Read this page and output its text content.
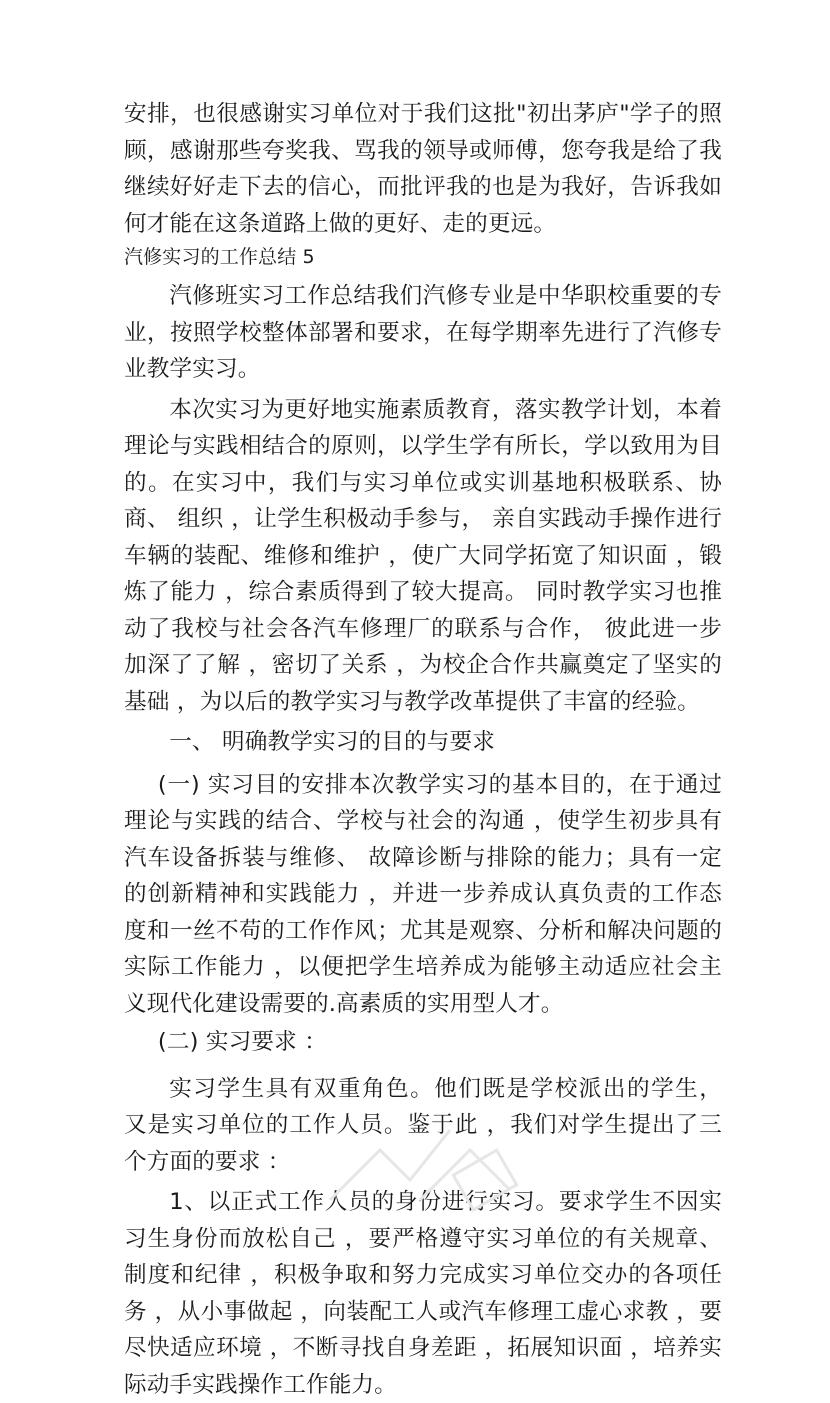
安排，也很感谢实习单位对于我们这批"初出茅庐"学子的照顾，感谢那些夸奖我、骂我的领导或师傅，您夸我是给了我继续好好走下去的信心，而批评我的也是为我好，告诉我如何才能在这条道路上做的更好、走的更远。

汽修实习的工作总结 5

汽修班实习工作总结我们汽修专业是中华职校重要的专业，按照学校整体部署和要求，在每学期率先进行了汽修专业教学实习。

本次实习为更好地实施素质教育，落实教学计划，本着理论与实践相结合的原则，以学生学有所长，学以致用为目的。在实习中，我们与实习单位或实训基地积极联系、协商、 组织 ，让学生积极动手参与， 亲自实践动手操作进行车辆的装配、维修和维护 ，使广大同学拓宽了知识面 ，锻炼了能力 ，综合素质得到了较大提高。 同时教学实习也推动了我校与社会各汽车修理厂的联系与合作， 彼此进一步加深了了解 ，密切了关系 ，为校企合作共赢奠定了坚实的基础 ，为以后的教学实习与教学改革提供了丰富的经验。

一、 明确教学实习的目的与要求

(一) 实习目的安排本次教学实习的基本目的，在于通过理论与实践的结合、学校与社会的沟通 ，使学生初步具有汽车设备拆装与维修、 故障诊断与排除的能力；具有一定的创新精神和实践能力 ，并进一步养成认真负责的工作态度和一丝不苟的工作作风；尤其是观察、分析和解决问题的实际工作能力 ，以便把学生培养成为能够主动适应社会主义现代化建设需要的.高素质的实用型人才。

(二) 实习要求 ：

实习学生具有双重角色。他们既是学校派出的学生， 又是实习单位的工作人员。鉴于此 ，我们对学生提出了三个方面的要求 ：

1、以正式工作人员的身份进行实习。要求学生不因实习生身份而放松自己 ，要严格遵守实习单位的有关规章、 制度和纪律 ，积极争取和努力完成实习单位交办的各项任务 ，从小事做起 ，向装配工人或汽车修理工虚心求教 ，要尽快适应环境 ，不断寻找自身差距 ，拓展知识面 ，培养实际动手实践操作工作能力。
